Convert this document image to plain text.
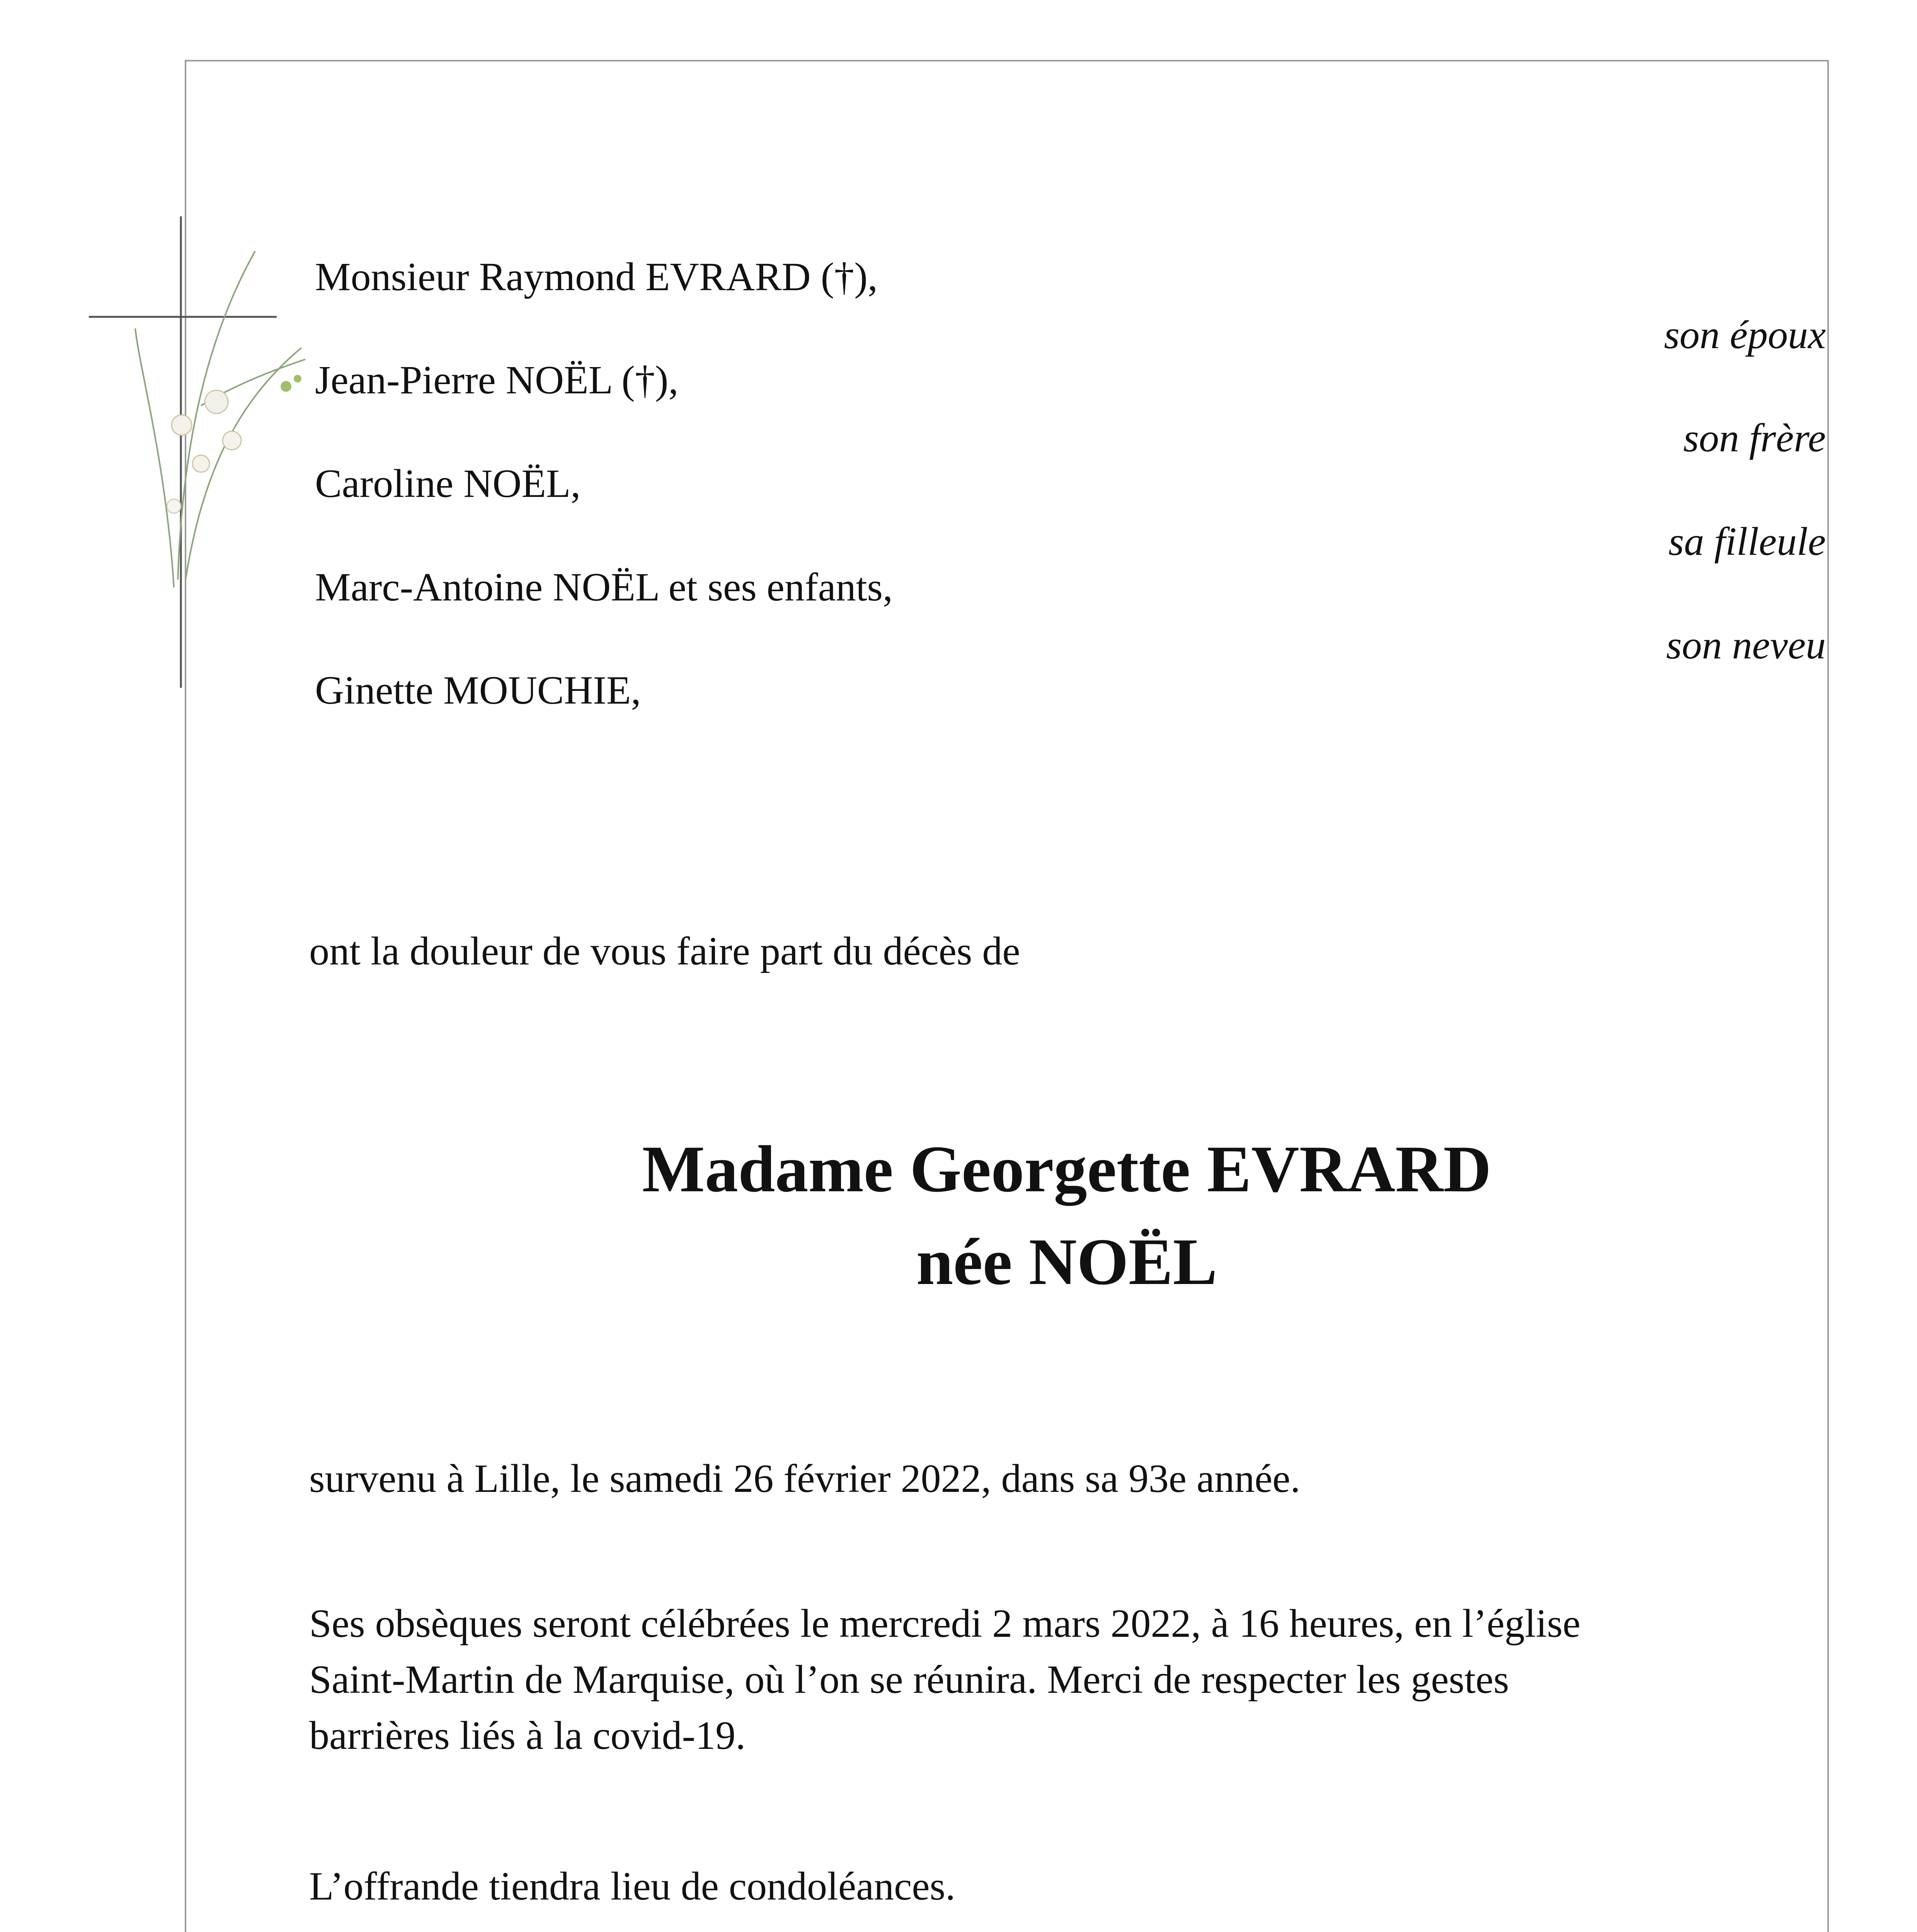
Monsieur Raymond EVRARD (†),
Jean-Pierre NOËL (†),
Caroline NOËL,
Marc-Antoine NOËL et ses enfants,
Ginette MOUCHIE,
son époux
son frère
sa filleule
son neveu
ont la douleur de vous faire part du décès de
Madame Georgette EVRARD
née NOËL
survenu à Lille, le samedi 26 février 2022, dans sa 93e année.
Ses obsèques seront célébrées le mercredi 2 mars 2022, à 16 heures, en l’église
Saint-Martin de Marquise, où l’on se réunira. Merci de respecter les gestes
barrières liés à la covid-19.
L’offrande tiendra lieu de condoléances.
